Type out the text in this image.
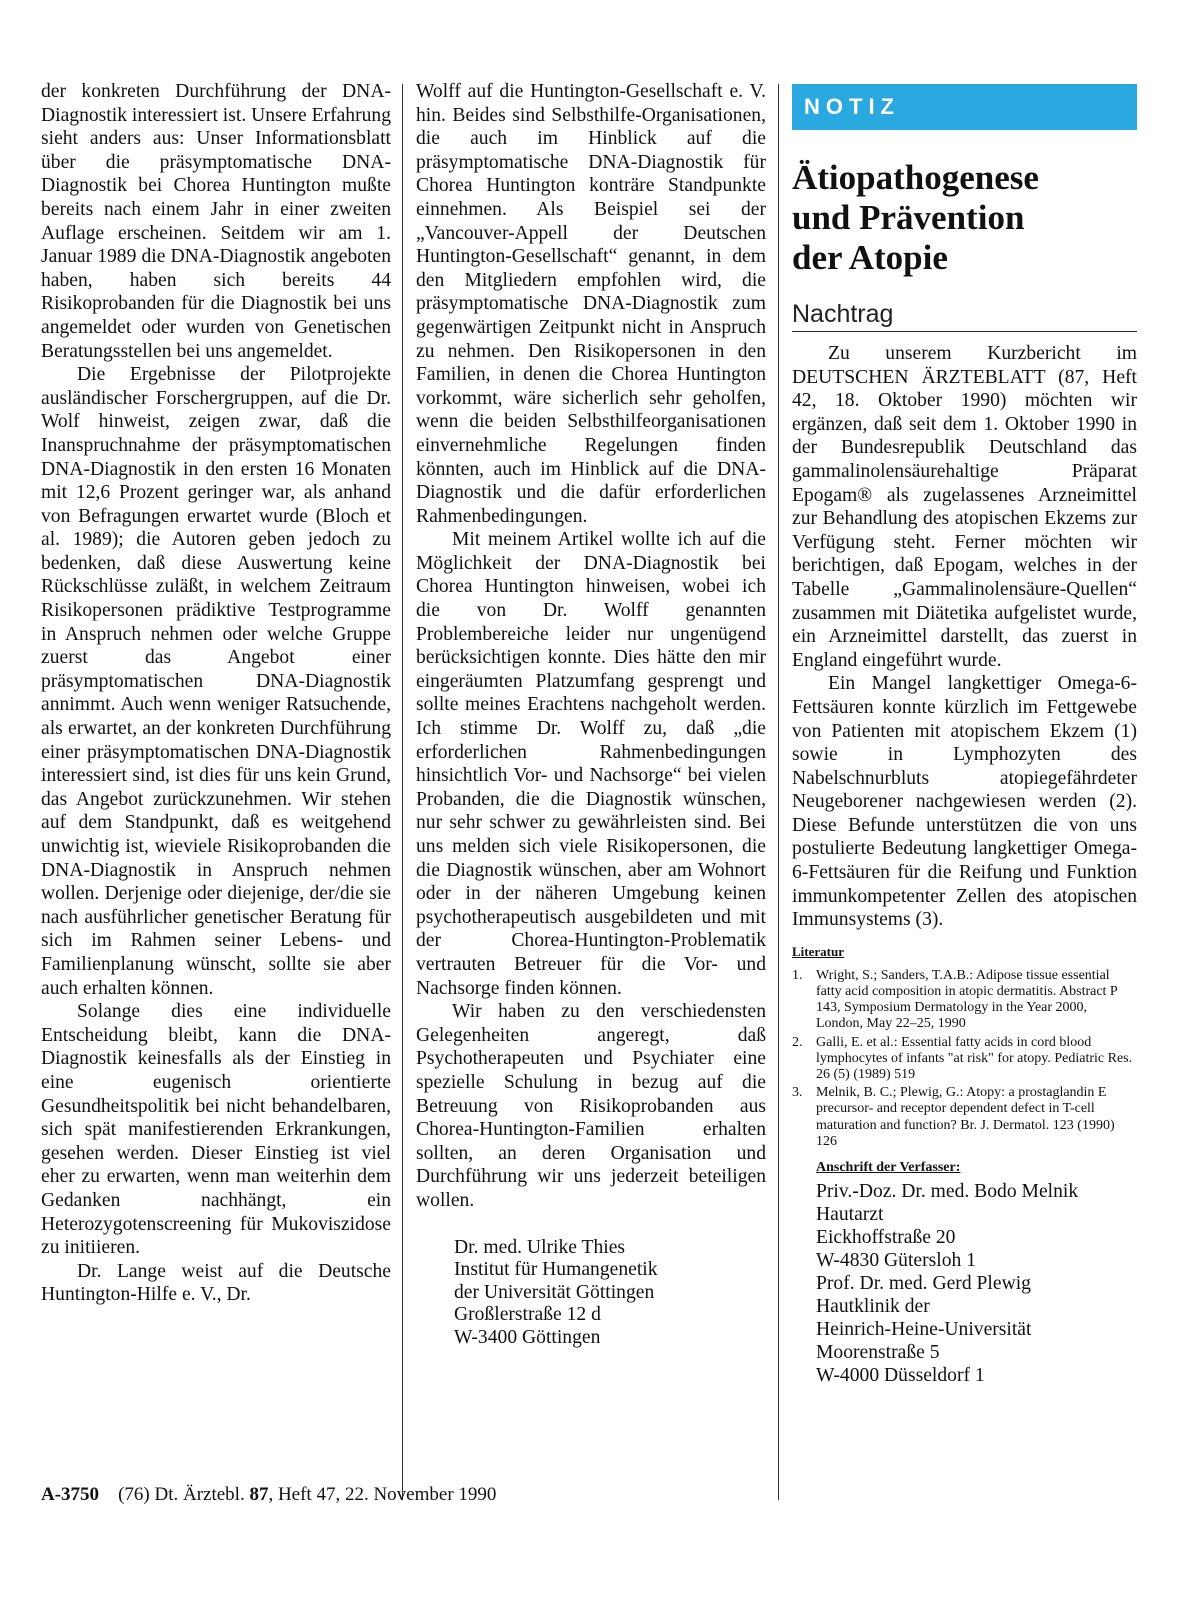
der konkreten Durchführung der DNA-Diagnostik interessiert ist. Unsere Erfahrung sieht anders aus: Unser Informationsblatt über die präsymptomatische DNA-Diagnostik bei Chorea Huntington mußte bereits nach einem Jahr in einer zweiten Auflage erscheinen. Seitdem wir am 1. Januar 1989 die DNA-Diagnostik angeboten haben, haben sich bereits 44 Risikoprobanden für die Diagnostik bei uns angemeldet oder wurden von Genetischen Beratungsstellen bei uns angemeldet.

Die Ergebnisse der Pilotprojekte ausländischer Forschergruppen, auf die Dr. Wolf hinweist, zeigen zwar, daß die Inanspruchnahme der präsymptomatischen DNA-Diagnostik in den ersten 16 Monaten mit 12,6 Prozent geringer war, als anhand von Befragungen erwartet wurde (Bloch et al. 1989); die Autoren geben jedoch zu bedenken, daß diese Auswertung keine Rückschlüsse zuläßt, in welchem Zeitraum Risikopersonen prädiktive Testprogramme in Anspruch nehmen oder welche Gruppe zuerst das Angebot einer präsymptomatischen DNA-Diagnostik annimmt. Auch wenn weniger Ratsuchende, als erwartet, an der konkreten Durchführung einer präsymptomatischen DNA-Diagnostik interessiert sind, ist dies für uns kein Grund, das Angebot zurückzunehmen. Wir stehen auf dem Standpunkt, daß es weitgehend unwichtig ist, wieviele Risikoprobanden die DNA-Diagnostik in Anspruch nehmen wollen. Derjenige oder diejenige, der/die sie nach ausführlicher genetischer Beratung für sich im Rahmen seiner Lebens- und Familienplanung wünscht, sollte sie aber auch erhalten können.

Solange dies eine individuelle Entscheidung bleibt, kann die DNA-Diagnostik keinesfalls als der Einstieg in eine eugenisch orientierte Gesundheitspolitik bei nicht behandelbaren, sich spät manifestierenden Erkrankungen, gesehen werden. Dieser Einstieg ist viel eher zu erwarten, wenn man weiterhin dem Gedanken nachhängt, ein Heterozygotenscreening für Mukoviszidose zu initiieren.

Dr. Lange weist auf die Deutsche Huntington-Hilfe e. V., Dr.

Wolff auf die Huntington-Gesellschaft e. V. hin. Beides sind Selbsthilfe-Organisationen, die auch im Hinblick auf die präsymptomatische DNA-Diagnostik für Chorea Huntington konträre Standpunkte einnehmen. Als Beispiel sei der „Vancouver-Appell der Deutschen Huntington-Gesellschaft“ genannt, in dem den Mitgliedern empfohlen wird, die präsymptomatische DNA-Diagnostik zum gegenwärtigen Zeitpunkt nicht in Anspruch zu nehmen. Den Risikopersonen in den Familien, in denen die Chorea Huntington vorkommt, wäre sicherlich sehr geholfen, wenn die beiden Selbsthilfeorganisationen einvernehmliche Regelungen finden könnten, auch im Hinblick auf die DNA-Diagnostik und die dafür erforderlichen Rahmenbedingungen.

Mit meinem Artikel wollte ich auf die Möglichkeit der DNA-Diagnostik bei Chorea Huntington hinweisen, wobei ich die von Dr. Wolff genannten Problembereiche leider nur ungenügend berücksichtigen konnte. Dies hätte den mir eingeräumten Platzumfang gesprengt und sollte meines Erachtens nachgeholt werden. Ich stimme Dr. Wolff zu, daß „die erforderlichen Rahmenbedingungen hinsichtlich Vor- und Nachsorge“ bei vielen Probanden, die die Diagnostik wünschen, nur sehr schwer zu gewährleisten sind. Bei uns melden sich viele Risikopersonen, die die Diagnostik wünschen, aber am Wohnort oder in der näheren Umgebung keinen psychotherapeutisch ausgebildeten und mit der Chorea-Huntington-Problematik vertrauten Betreuer für die Vor- und Nachsorge finden können.

Wir haben zu den verschiedensten Gelegenheiten angeregt, daß Psychotherapeuten und Psychiater eine spezielle Schulung in bezug auf die Betreuung von Risikoprobanden aus Chorea-Huntington-Familien erhalten sollten, an deren Organisation und Durchführung wir uns jederzeit beteiligen wollen.

Dr. med. Ulrike Thies
Institut für Humangenetik
der Universität Göttingen
Großlerstraße 12 d
W-3400 Göttingen
NOTIZ
Ätiopathogenese
und Prävention
der Atopie
Nachtrag

Zu unserem Kurzbericht im DEUTSCHEN ÄRZTEBLATT (87, Heft 42, 18. Oktober 1990) möchten wir ergänzen, daß seit dem 1. Oktober 1990 in der Bundesrepublik Deutschland das gammalinolensäurehaltige Präparat Epogam® als zugelassenes Arzneimittel zur Behandlung des atopischen Ekzems zur Verfügung steht. Ferner möchten wir berichtigen, daß Epogam, welches in der Tabelle „Gammalinolensäure-Quellen“ zusammen mit Diätetika aufgelistet wurde, ein Arzneimittel darstellt, das zuerst in England eingeführt wurde.

Ein Mangel langkettiger Omega-6-Fettsäuren konnte kürzlich im Fettgewebe von Patienten mit atopischem Ekzem (1) sowie in Lymphozyten des Nabelschnurbluts atopiegefährdeter Neugeborener nachgewiesen werden (2). Diese Befunde unterstützen die von uns postulierte Bedeutung langkettiger Omega-6-Fettsäuren für die Reifung und Funktion immunkompetenter Zellen des atopischen Immunsystems (3).

Literatur
1. Wright, S.; Sanders, T.A.B.: Adipose tissue essential fatty acid composition in atopic dermatitis. Abstract P 143, Symposium Dermatology in the Year 2000, London, May 22–25, 1990
2. Galli, E. et al.: Essential fatty acids in cord blood lymphocytes of infants "at risk" for atopy. Pediatric Res. 26 (5) (1989) 519
3. Melnik, B. C.; Plewig, G.: Atopy: a prostaglandin E precursor- and receptor dependent defect in T-cell maturation and function? Br. J. Dermatol. 123 (1990) 126
Anschrift der Verfasser:
Priv.-Doz. Dr. med. Bodo Melnik
Hautarzt
Eickhoffstraße 20
W-4830 Gütersloh 1
Prof. Dr. med. Gerd Plewig
Hautklinik der
Heinrich-Heine-Universität
Moorenstraße 5
W-4000 Düsseldorf 1
A-3750 (76) Dt. Ärztebl. 87, Heft 47, 22. November 1990
